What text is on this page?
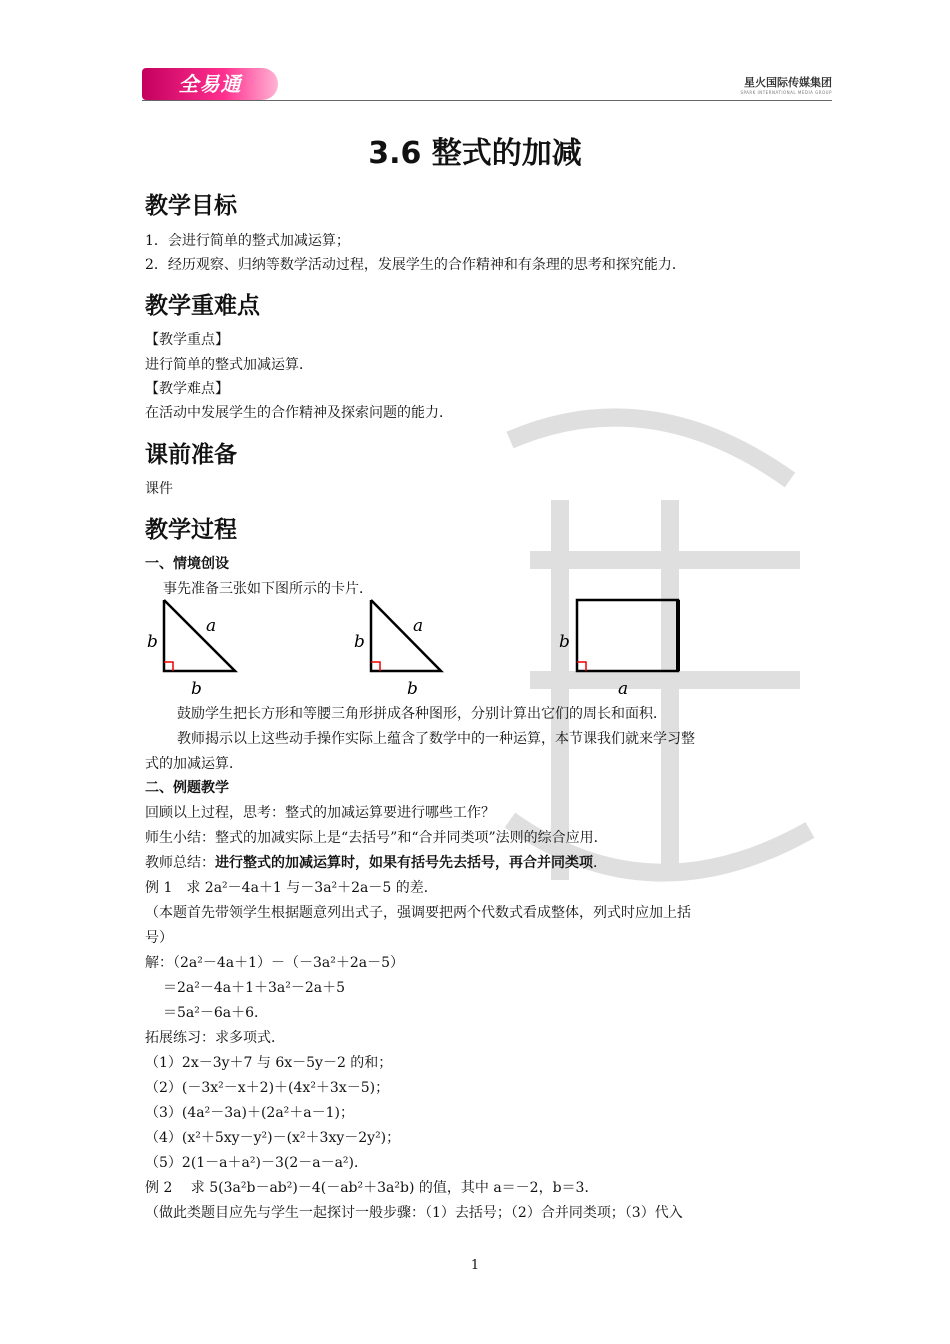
全易通	星火国际传媒集团
SPARK INTERNATIONAL MEDIA GROUP
3.6 整式的加减
教学目标
1．会进行简单的整式加减运算；
2．经历观察、归纳等数学活动过程，发展学生的合作精神和有条理的思考和探究能力．
教学重难点
【教学重点】
进行简单的整式加减运算．
【教学难点】
在活动中发展学生的合作精神及探索问题的能力．
课前准备
课件
教学过程
一、情境创设
事先准备三张如下图所示的卡片．
a
b
b
a
b
b
b
a
鼓励学生把长方形和等腰三角形拼成各种图形，分别计算出它们的周长和面积．
教师揭示以上这些动手操作实际上蕴含了数学中的一种运算，本节课我们就来学习整
式的加减运算．
二、例题教学
回顾以上过程，思考：整式的加减运算要进行哪些工作？
师生小结：整式的加减实际上是“去括号”和“合并同类项”法则的综合应用．
教师总结：进行整式的加减运算时，如果有括号先去括号，再合并同类项．
例 1　求 2a²－4a＋1 与－3a²＋2a－5 的差．
（本题首先带领学生根据题意列出式子，强调要把两个代数式看成整体，列式时应加上括
号）
解：（2a²－4a＋1）－（－3a²＋2a－5）
＝2a²－4a＋1＋3a²－2a＋5
＝5a²－6a＋6．
拓展练习：求多项式．
（1）2x－3y＋7 与 6x－5y－2 的和；
（2）(－3x²－x＋2)＋(4x²＋3x－5)；
（3）(4a²－3a)＋(2a²＋a－1)；
（4）(x²＋5xy－y²)－(x²＋3xy－2y²)；
（5）2(1－a＋a²)－3(2－a－a²)．
例 2　 求 5(3a²b－ab²)－4(－ab²＋3a²b) 的值，其中 a＝－2，b＝3．
（做此类题目应先与学生一起探讨一般步骤：（1）去括号；（2）合并同类项；（3）代入
1
